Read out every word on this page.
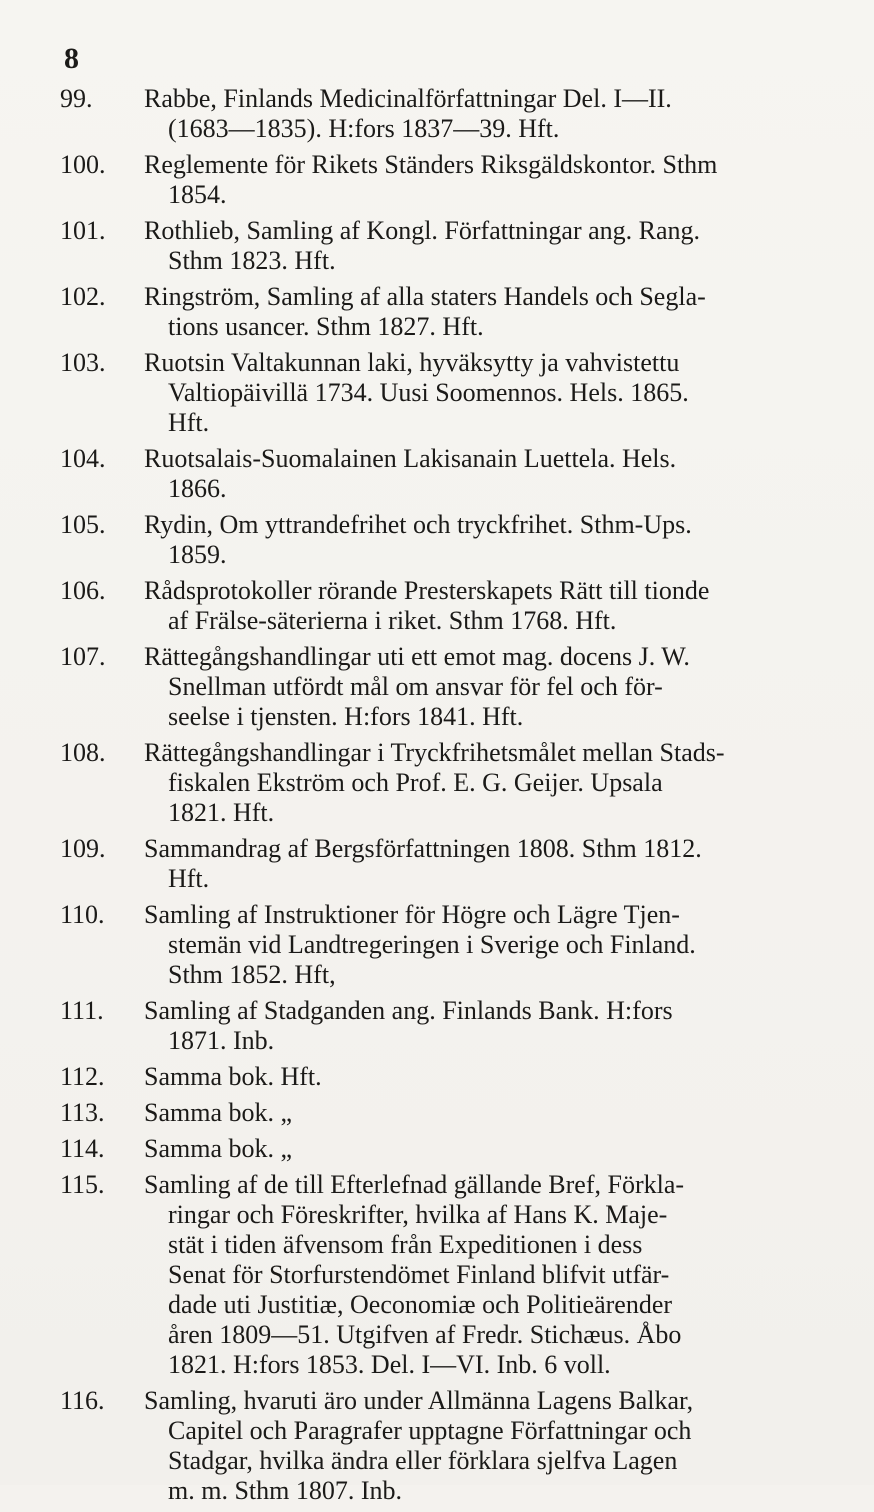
8
99.	Rabbe, Finlands Medicinalförfattningar Del. I—II.
(1683—1835). H:fors 1837—39. Hft.
100.	Reglemente för Rikets Ständers Riksgäldskontor. Sthm
1854.
101.	Rothlieb, Samling af Kongl. Författningar ang. Rang.
Sthm 1823. Hft.
102.	Ringström, Samling af alla staters Handels och Segla-
tions usancer. Sthm 1827. Hft.
103.	Ruotsin Valtakunnan laki, hyväksytty ja vahvistettu
Valtiopäivillä 1734. Uusi Soomennos. Hels. 1865.
Hft.
104.	Ruotsalais-Suomalainen Lakisanain Luettela. Hels.
1866.
105.	Rydin, Om yttrandefrihet och tryckfrihet. Sthm-Ups.
1859.
106.	Rådsprotokoller rörande Presterskapets Rätt till tionde
af Frälse-säterierna i riket. Sthm 1768. Hft.
107.	Rättegångshandlingar uti ett emot mag. docens J. W.
Snellman utfördt mål om ansvar för fel och för-
seelse i tjensten. H:fors 1841. Hft.
108.	Rättegångshandlingar i Tryckfrihetsmålet mellan Stads-
fiskalen Ekström och Prof. E. G. Geijer. Upsala
1821. Hft.
109.	Sammandrag af Bergsförfattningen 1808. Sthm 1812.
Hft.
110.	Samling af Instruktioner för Högre och Lägre Tjen-
stemän vid Landtregeringen i Sverige och Finland.
Sthm 1852. Hft,
111.	Samling af Stadganden ang. Finlands Bank. H:fors
1871. Inb.
112.	Samma bok. Hft.
113.	Samma bok. „
114.	Samma bok. „
115.	Samling af de till Efterlefnad gällande Bref, Förkla-
ringar och Föreskrifter, hvilka af Hans K. Maje-
stät i tiden äfvensom från Expeditionen i dess
Senat för Storfurstendömet Finland blifvit utfär-
dade uti Justitiæ, Oeconomiæ och Politieärender
åren 1809—51. Utgifven af Fredr. Stichæus. Åbo
1821. H:fors 1853. Del. I—VI. Inb. 6 voll.
116.	Samling, hvaruti äro under Allmänna Lagens Balkar,
Capitel och Paragrafer upptagne Författningar och
Stadgar, hvilka ändra eller förklara sjelfva Lagen
m. m. Sthm 1807. Inb.
